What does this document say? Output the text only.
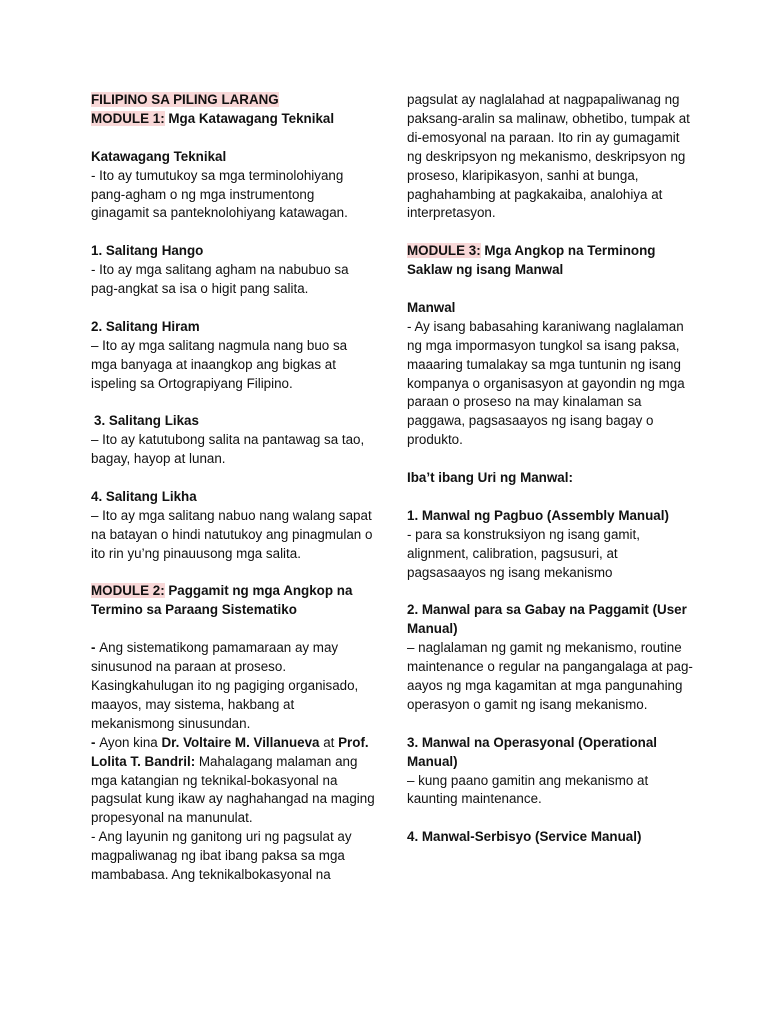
FILIPINO SA PILING LARANG

MODULE 1: Mga Katawagang Teknikal

Katawagang Teknikal

- Ito ay tumutukoy sa mga terminolohiyang pang-agham o ng mga instrumentong ginagamit sa panteknolohiyang katawagan.

1. Salitang Hango

- Ito ay mga salitang agham na nabubuo sa pag-angkat sa isa o higit pang salita.

2. Salitang Hiram

– Ito ay mga salitang nagmula nang buo sa mga banyaga at inaangkop ang bigkas at ispeling sa Ortograpiyang Filipino.

3. Salitang Likas

– Ito ay katutubong salita na pantawag sa tao, bagay, hayop at lunan.

4. Salitang Likha

– Ito ay mga salitang nabuo nang walang sapat na batayan o hindi natutukoy ang pinagmulan o ito rin yu’ng pinauusong mga salita.

MODULE 2: Paggamit ng mga Angkop na Termino sa Paraang Sistematiko

- Ang sistematikong pamamaraan ay may sinusunod na paraan at proseso. Kasingkahulugan ito ng pagiging organisado, maayos, may sistema, hakbang at mekanismong sinusundan.

- Ayon kina Dr. Voltaire M. Villanueva at Prof. Lolita T. Bandril: Mahalagang malaman ang mga katangian ng teknikal-bokasyonal na pagsulat kung ikaw ay naghahangad na maging propesyonal na manunulat.

- Ang layunin ng ganitong uri ng pagsulat ay magpaliwanag ng ibat ibang paksa sa mga mambabasa. Ang teknikalbokasyonal na

pagsulat ay naglalahad at nagpapaliwanag ng paksang-aralin sa malinaw, obhetibo, tumpak at di-emosyonal na paraan. Ito rin ay gumagamit ng deskripsyon ng mekanismo, deskripsyon ng proseso, klaripikasyon, sanhi at bunga, paghahambing at pagkakaiba, analohiya at interpretasyon.

MODULE 3: Mga Angkop na Terminong Saklaw ng isang Manwal

Manwal

- Ay isang babasahing karaniwang naglalaman ng mga impormasyon tungkol sa isang paksa, maaaring tumalakay sa mga tuntunin ng isang kompanya o organisasyon at gayondin ng mga paraan o proseso na may kinalaman sa paggawa, pagsasaayos ng isang bagay o produkto.

Iba’t ibang Uri ng Manwal:

1. Manwal ng Pagbuo (Assembly Manual)

- para sa konstruksiyon ng isang gamit, alignment, calibration, pagsusuri, at pagsasaayos ng isang mekanismo

2. Manwal para sa Gabay na Paggamit (User Manual)

– naglalaman ng gamit ng mekanismo, routine maintenance o regular na pangangalaga at pag-aayos ng mga kagamitan at mga pangunahing operasyon o gamit ng isang mekanismo.

3. Manwal na Operasyonal (Operational Manual)

– kung paano gamitin ang mekanismo at kaunting maintenance.

4. Manwal-Serbisyo (Service Manual)
